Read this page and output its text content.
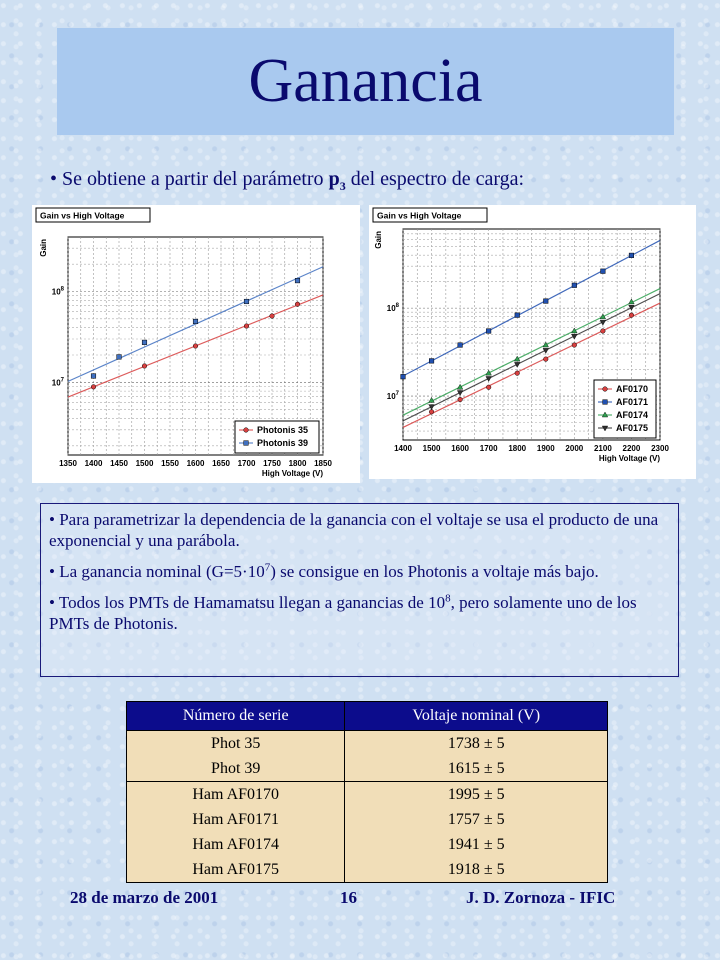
Ganancia
• Se obtiene a partir del parámetro $p_3$ del espectro de carga:
1350 1400 1450 1500 1550 1600 1650 1700 1750 1800 1850
$10^7$
$10^8$
High Voltage (V)
Gain
Gain vs High Voltage
Photonis 35
Photonis 39
1400 1500 1600 1700 1800 1900 2000 2100 2200 2300
$10^7$
$10^8$
High Voltage (V)
Gain
Gain vs High Voltage
AF0170
AF0171
AF0174
AF0175

• Para parametrizar la dependencia de la ganancia con el voltaje se usa el producto de una exponencial y una parábola.

• La ganancia nominal $(G=5\cdot 10^7)$ se consigue en los Photonis a voltaje más bajo.

• Todos los PMTs de Hamamatsu llegan a ganancias de $10^8$, pero solamente uno de los PMTs de Photonis.

Número de serie	Voltaje nominal (V)
Phot 35	1738 ± 5
Phot 39	1615 ± 5
Ham AF0170	1995 ± 5
Ham AF0171	1757 ± 5
Ham AF0174	1941 ± 5
Ham AF0175	1918 ± 5
28 de marzo de 2001	16	J. D. Zornoza - IFIC
